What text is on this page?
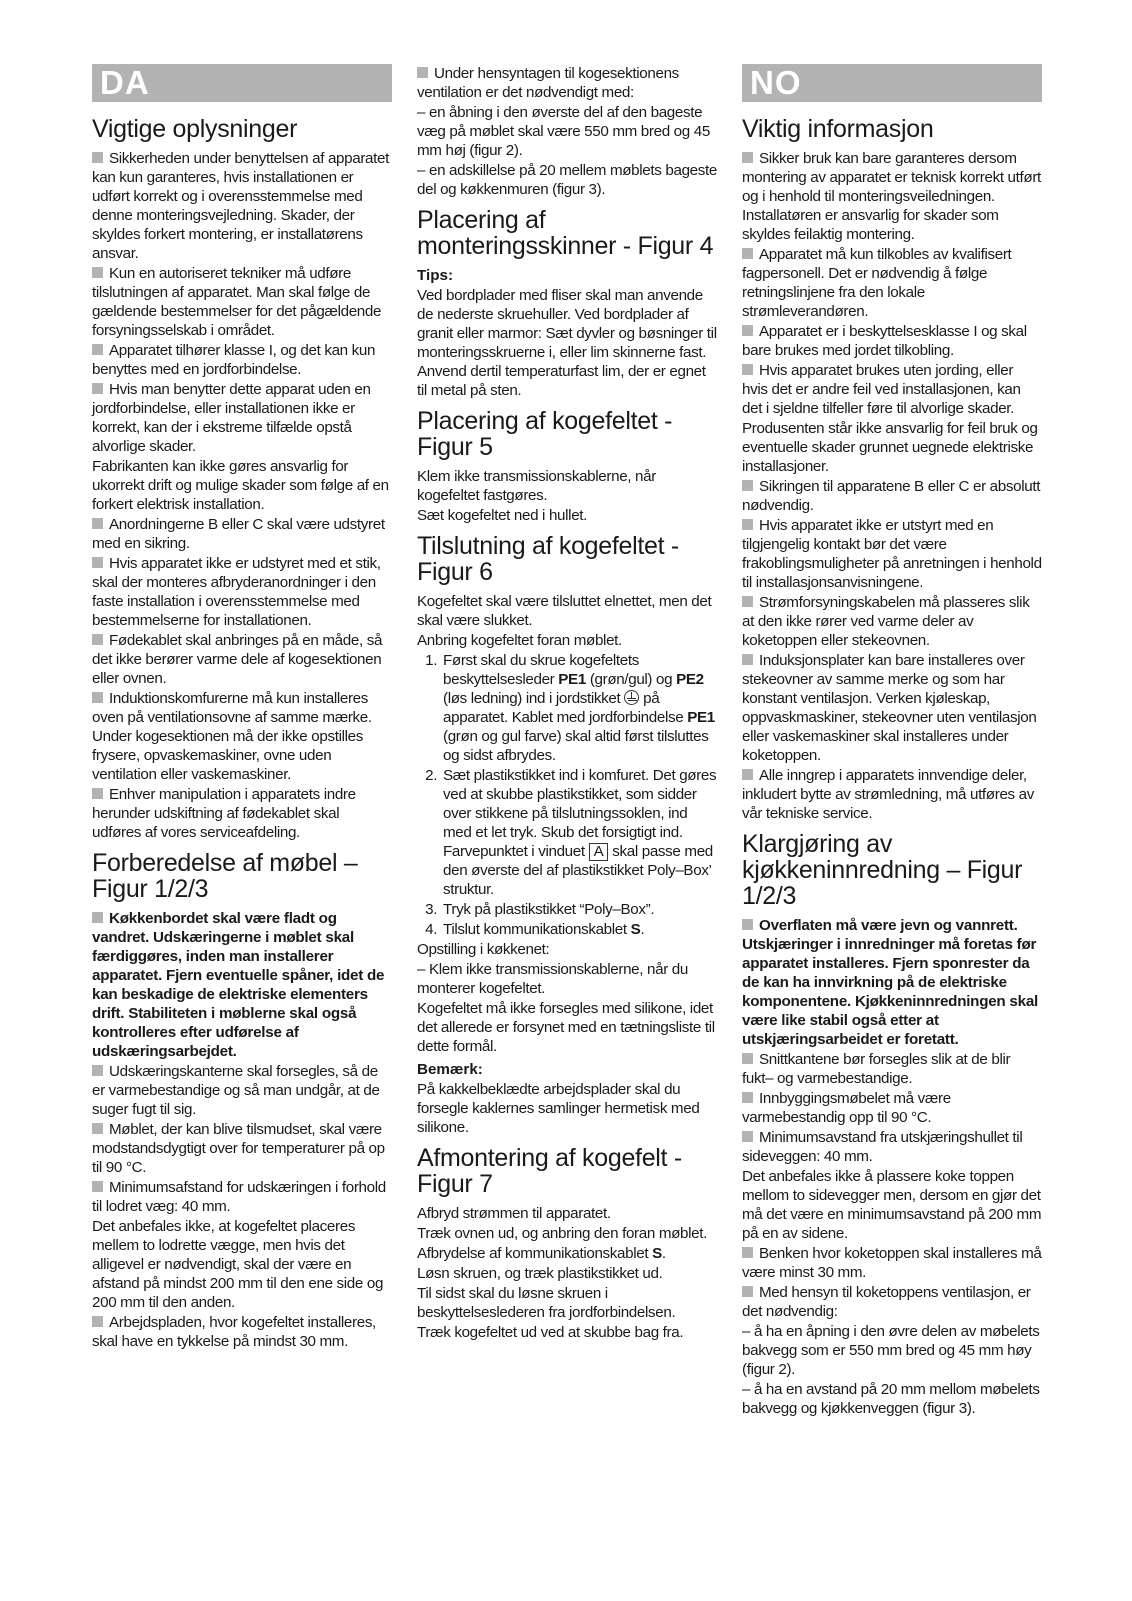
DA
Vigtige oplysninger

Sikkerheden under benyttelsen af apparatet kan kun garanteres, hvis installationen er udført korrekt og i overensstemmelse med denne monteringsvejledning. Skader, der skyldes forkert montering, er installatørens ansvar.

Kun en autoriseret tekniker må udføre tilslutningen af apparatet. Man skal følge de gældende bestemmelser for det pågældende forsyningsselskab i området.

Apparatet tilhører klasse I, og det kan kun benyttes med en jordforbindelse.

Hvis man benytter dette apparat uden en jordforbindelse, eller installationen ikke er korrekt, kan der i ekstreme tilfælde opstå alvorlige skader.

Fabrikanten kan ikke gøres ansvarlig for ukorrekt drift og mulige skader som følge af en forkert elektrisk installation.

Anordningerne B eller C skal være udstyret med en sikring.

Hvis apparatet ikke er udstyret med et stik, skal der monteres afbryderanordninger i den faste installation i overensstemmelse med bestemmelserne for installationen.

Fødekablet skal anbringes på en måde, så det ikke berører varme dele af kogesektionen eller ovnen.

Induktionskomfurerne må kun installeres oven på ventilationsovne af samme mærke. Under kogesektionen må der ikke opstilles frysere, opvaskemaskiner, ovne uden ventilation eller vaskemaskiner.

Enhver manipulation i apparatets indre herunder udskiftning af fødekablet skal udføres af vores serviceafdeling.

Forberedelse af møbel – Figur 1/2/3

Køkkenbordet skal være fladt og vandret. Udskæringerne i møblet skal færdiggøres, inden man installerer apparatet. Fjern eventuelle spåner, idet de kan beskadige de elektriske elementers drift. Stabiliteten i møblerne skal også kontrolleres efter udførelse af udskæringsarbejdet.

Udskæringskanterne skal forsegles, så de er varmebestandige og så man undgår, at de suger fugt til sig.

Møblet, der kan blive tilsmudset, skal være modstandsdygtigt over for temperaturer på op til 90 °C.

Minimumsafstand for udskæringen i forhold til lodret væg: 40 mm.

Det anbefales ikke, at kogefeltet placeres mellem to lodrette vægge, men hvis det alligevel er nødvendigt, skal der være en afstand på mindst 200 mm til den ene side og 200 mm til den anden.

Arbejdspladen, hvor kogefeltet installeres, skal have en tykkelse på mindst 30 mm.

Under hensyntagen til kogesektionens ventilation er det nødvendigt med:

– en åbning i den øverste del af den bageste væg på møblet skal være 550 mm bred og 45 mm høj (figur 2).

– en adskillelse på 20 mellem møblets bageste del og køkkenmuren (figur 3).

Placering af monteringsskinner - Figur 4
Tips:

Ved bordplader med fliser skal man anvende de nederste skruehuller. Ved bordplader af granit eller marmor: Sæt dyvler og bøsninger til monteringsskruerne i, eller lim skinnerne fast. Anvend dertil temperaturfast lim, der er egnet til metal på sten.

Placering af kogefeltet - Figur 5

Klem ikke transmissionskablerne, når kogefeltet fastgøres.

Sæt kogefeltet ned i hullet.

Tilslutning af kogefeltet - Figur 6

Kogefeltet skal være tilsluttet elnettet, men det skal være slukket.

Anbring kogefeltet foran møblet.

1. Først skal du skrue kogefeltets beskyttelsesleder PE1 (grøn/gul) og PE2 (løs ledning) ind i jordstikket på apparatet. Kablet med jordforbindelse PE1 (grøn og gul farve) skal altid først tilsluttes og sidst afbrydes.
2. Sæt plastikstikket ind i komfuret. Det gøres ved at skubbe plastikstikket, som sidder over stikkene på tilslutningssoklen, ind med et let tryk. Skub det forsigtigt ind. Farvepunktet i vinduet A skal passe med den øverste del af plastikstikket Poly–Box’ struktur.
3. Tryk på plastikstikket “Poly–Box”.
4. Tilslut kommunikationskablet S.

Opstilling i køkkenet:

– Klem ikke transmissionskablerne, når du monterer kogefeltet.

Kogefeltet må ikke forsegles med silikone, idet det allerede er forsynet med en tætningsliste til dette formål.

Bemærk:

På kakkelbeklædte arbejdsplader skal du forsegle kaklernes samlinger hermetisk med silikone.

Afmontering af kogefelt - Figur 7

Afbryd strømmen til apparatet.

Træk ovnen ud, og anbring den foran møblet.

Afbrydelse af kommunikationskablet S.

Løsn skruen, og træk plastikstikket ud.

Til sidst skal du løsne skruen i beskyttelseslederen fra jordforbindelsen.

Træk kogefeltet ud ved at skubbe bag fra.

NO
Viktig informasjon

Sikker bruk kan bare garanteres dersom montering av apparatet er teknisk korrekt utført og i henhold til monteringsveiledningen. Installatøren er ansvarlig for skader som skyldes feilaktig montering.

Apparatet må kun tilkobles av kvalifisert fagpersonell. Det er nødvendig å følge retningslinjene fra den lokale strømleverandøren.

Apparatet er i beskyttelsesklasse I og skal bare brukes med jordet tilkobling.

Hvis apparatet brukes uten jording, eller hvis det er andre feil ved installasjonen, kan det i sjeldne tilfeller føre til alvorlige skader.

Produsenten står ikke ansvarlig for feil bruk og eventuelle skader grunnet uegnede elektriske installasjoner.

Sikringen til apparatene B eller C er absolutt nødvendig.

Hvis apparatet ikke er utstyrt med en tilgjengelig kontakt bør det være frakoblingsmuligheter på anretningen i henhold til installasjonsanvisningene.

Strømforsyningskabelen må plasseres slik at den ikke rører ved varme deler av koketoppen eller stekeovnen.

Induksjonsplater kan bare installeres over stekeovner av samme merke og som har konstant ventilasjon. Verken kjøleskap, oppvaskmaskiner, stekeovner uten ventilasjon eller vaskemaskiner skal installeres under koketoppen.

Alle inngrep i apparatets innvendige deler, inkludert bytte av strømledning, må utføres av vår tekniske service.

Klargjøring av kjøkkeninnredning – Figur 1/2/3

Overflaten må være jevn og vannrett. Utskjæringer i innredninger må foretas før apparatet installeres. Fjern sponrester da de kan ha innvirkning på de elektriske komponentene. Kjøkkeninnredningen skal være like stabil også etter at utskjæringsarbeidet er foretatt.

Snittkantene bør forsegles slik at de blir fukt– og varmebestandige.

Innbyggingsmøbelet må være varmebestandig opp til 90 °C.

Minimumsavstand fra utskjæringshullet til sideveggen: 40 mm.

Det anbefales ikke å plassere koke toppen mellom to sidevegger men, dersom en gjør det må det være en minimumsavstand på 200 mm på en av sidene.

Benken hvor koketoppen skal installeres må være minst 30 mm.

Med hensyn til koketoppens ventilasjon, er det nødvendig:

– å ha en åpning i den øvre delen av møbelets bakvegg som er 550 mm bred og 45 mm høy (figur 2).

– å ha en avstand på 20 mm mellom møbelets bakvegg og kjøkkenveggen (figur 3).
